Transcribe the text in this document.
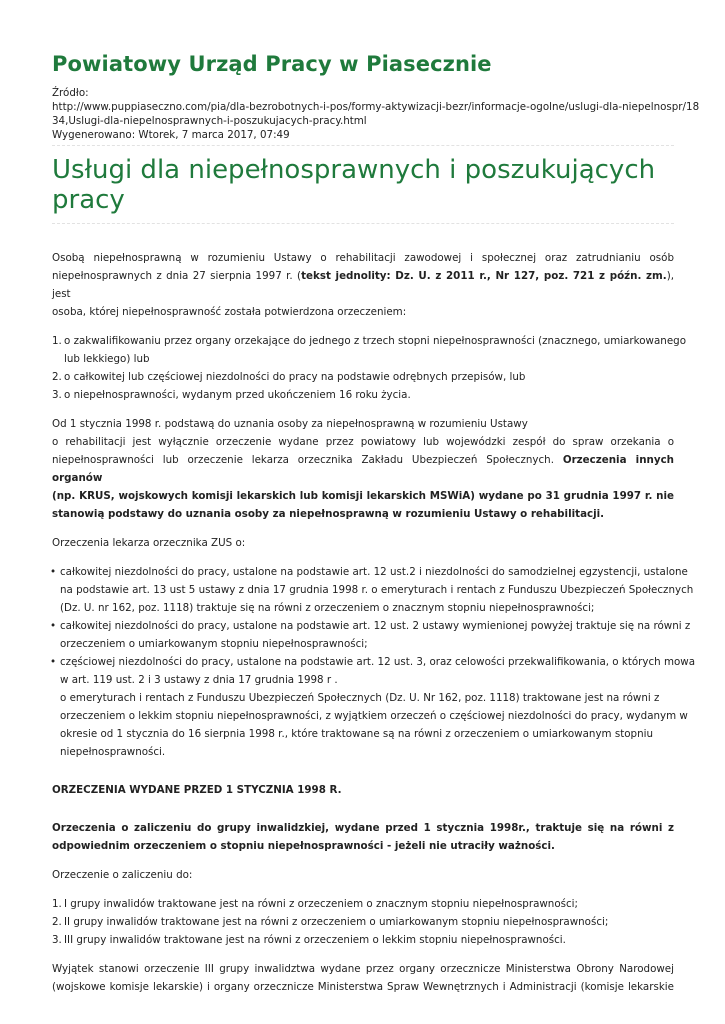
Powiatowy Urząd Pracy w Piasecznie
Źródło:
http://www.puppiaseczno.com/pia/dla-bezrobotnych-i-pos/formy-aktywizacji-bezr/informacje-ogolne/uslugi-dla-niepelnospr/18
34,Uslugi-dla-niepelnosprawnych-i-poszukujacych-pracy.html
Wygenerowano: Wtorek, 7 marca 2017, 07:49
Usługi dla niepełnosprawnych i poszukujących
pracy

Osobą niepełnosprawną w rozumieniu Ustawy o rehabilitacji zawodowej i społecznej oraz zatrudnianiu osób niepełnosprawnych z dnia 27 sierpnia 1997 r. (tekst jednolity: Dz. U. z 2011 r., Nr 127, poz. 721 z późn. zm.), jest
osoba, której niepełnosprawność została potwierdzona orzeczeniem:

1. o zakwalifikowaniu przez organy orzekające do jednego z trzech stopni niepełnosprawności (znacznego, umiarkowanego
lub lekkiego) lub
2. o całkowitej lub częściowej niezdolności do pracy na podstawie odrębnych przepisów, lub
3. o niepełnosprawności, wydanym przed ukończeniem 16 roku życia.

Od 1 stycznia 1998 r. podstawą do uznania osoby za niepełnosprawną w rozumieniu Ustawy

o rehabilitacji jest wyłącznie orzeczenie wydane przez powiatowy lub wojewódzki zespół do spraw orzekania o
niepełnosprawności lub orzeczenie lekarza orzecznika Zakładu Ubezpieczeń Społecznych. Orzeczenia innych organów
(np. KRUS, wojskowych komisji lekarskich lub komisji lekarskich MSWiA) wydane po 31 grudnia 1997 r. nie
stanowią podstawy do uznania osoby za niepełnosprawną w rozumieniu Ustawy o rehabilitacji.

Orzeczenia lekarza orzecznika ZUS o:

• całkowitej niezdolności do pracy, ustalone na podstawie art. 12 ust.2 i niezdolności do samodzielnej egzystencji, ustalone
na podstawie art. 13 ust 5 ustawy z dnia 17 grudnia 1998 r. o emeryturach i rentach z Funduszu Ubezpieczeń Społecznych
(Dz. U. nr 162, poz. 1118) traktuje się na równi z orzeczeniem o znacznym stopniu niepełnosprawności;
• całkowitej niezdolności do pracy, ustalone na podstawie art. 12 ust. 2 ustawy wymienionej powyżej traktuje się na równi z
orzeczeniem o umiarkowanym stopniu niepełnosprawności;
• częściowej niezdolności do pracy, ustalone na podstawie art. 12 ust. 3, oraz celowości przekwalifikowania, o których mowa
w art. 119 ust. 2 i 3 ustawy z dnia 17 grudnia 1998 r .
o emeryturach i rentach z Funduszu Ubezpieczeń Społecznych (Dz. U. Nr 162, poz. 1118) traktowane jest na równi z
orzeczeniem o lekkim stopniu niepełnosprawności, z wyjątkiem orzeczeń o częściowej niezdolności do pracy, wydanym w
okresie od 1 stycznia do 16 sierpnia 1998 r., które traktowane są na równi z orzeczeniem o umiarkowanym stopniu
niepełnosprawności.

ORZECZENIA WYDANE PRZED 1 STYCZNIA 1998 R.

Orzeczenia o zaliczeniu do grupy inwalidzkiej, wydane przed 1 stycznia 1998r., traktuje się na równi z
odpowiednim orzeczeniem o stopniu niepełnosprawności - jeżeli nie utraciły ważności.

Orzeczenie o zaliczeniu do:

1. I grupy inwalidów traktowane jest na równi z orzeczeniem o znacznym stopniu niepełnosprawności;
2. II grupy inwalidów traktowane jest na równi z orzeczeniem o umiarkowanym stopniu niepełnosprawności;
3. III grupy inwalidów traktowane jest na równi z orzeczeniem o lekkim stopniu niepełnosprawności.

Wyjątek stanowi orzeczenie III grupy inwalidztwa wydane przez organy orzecznicze Ministerstwa Obrony Narodowej
(wojskowe komisje lekarskie) i organy orzecznicze Ministerstwa Spraw Wewnętrznych i Administracji (komisje lekarskie
